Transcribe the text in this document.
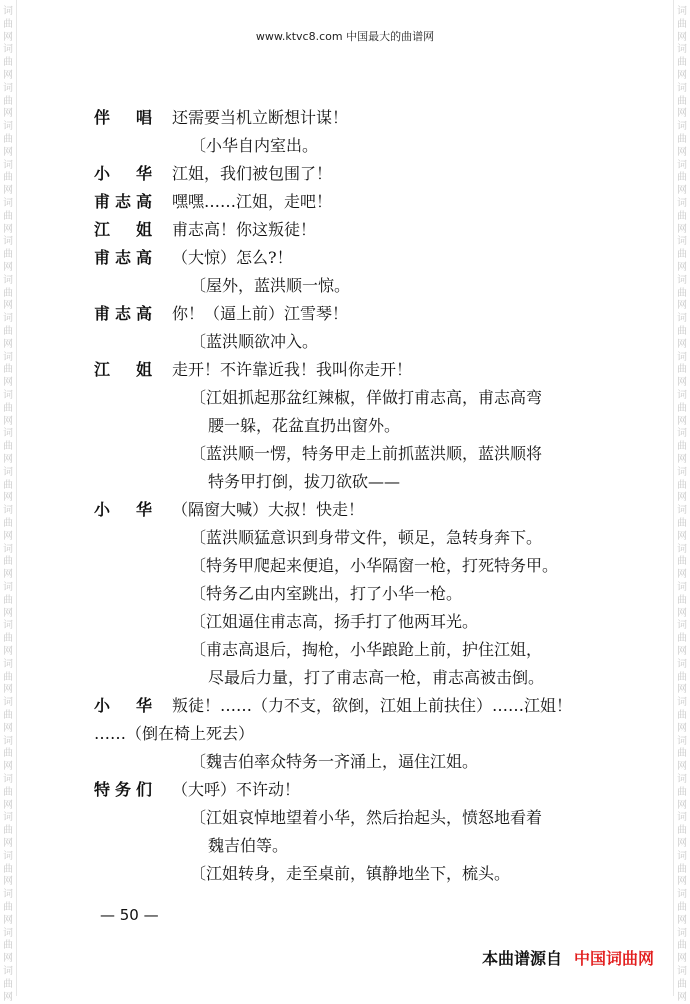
词
曲
网
词
曲
网
词
曲
网
词
曲
网
词
曲
网
词
曲
网
词
曲
网
词
曲
网
词
曲
网
词
曲
网
词
曲
网
词
曲
网
词
曲
网
词
曲
网
词
曲
网
词
曲
网
词
曲
网
词
曲
网
词
曲
网
词
曲
网
词
曲
网
词
曲
网
词
曲
网
词
曲
网
词
曲
网
词
曲
网
词
曲
网
词
曲
网
词
曲
网
词
曲
网
词
曲
网
词
曲
网
词
曲
网
词
曲
网
词
曲
网
词
曲
网
词
曲
网
词
曲
网
词
曲
网
词
曲
网
词
曲
网
词
曲
网
词
曲
网
词
曲
网
词
曲
网
词
曲
网
词
曲
网
词
曲
网
词
曲
网
词
曲
网
词
曲
网
词
曲
网
www.ktvc8.com 中国最大的曲谱网
伴唱 还需要当机立断想计谋！
〔小华自内室出。
小华 江姐，我们被包围了！
甫志高 嘿嘿……江姐，走吧！
江姐 甫志高！你这叛徒！
甫志高 （大惊）怎么?！
〔屋外，蓝洪顺一惊。
甫志高 你！（逼上前）江雪琴！
〔蓝洪顺欲冲入。
江姐 走开！不许靠近我！我叫你走开！
〔江姐抓起那盆红辣椒，佯做打甫志高，甫志高弯
腰一躲，花盆直扔出窗外。
〔蓝洪顺一愣，特务甲走上前抓蓝洪顺，蓝洪顺将
特务甲打倒，拔刀欲砍——
小华 （隔窗大喊）大叔！快走！
〔蓝洪顺猛意识到身带文件，顿足，急转身奔下。
〔特务甲爬起来便追，小华隔窗一枪，打死特务甲。
〔特务乙由内室跳出，打了小华一枪。
〔江姐逼住甫志高，扬手打了他两耳光。
〔甫志高退后，掏枪，小华踉跄上前，护住江姐，
尽最后力量，打了甫志高一枪，甫志高被击倒。
小华 叛徒！……（力不支，欲倒，江姐上前扶住）……江姐！
……（倒在椅上死去）
〔魏吉伯率众特务一齐涌上，逼住江姐。
特务们 （大呼）不许动！
〔江姐哀悼地望着小华，然后抬起头，愤怒地看着
魏吉伯等。
〔江姐转身，走至桌前，镇静地坐下，梳头。
— 50 —
本曲谱源自 中国词曲网
